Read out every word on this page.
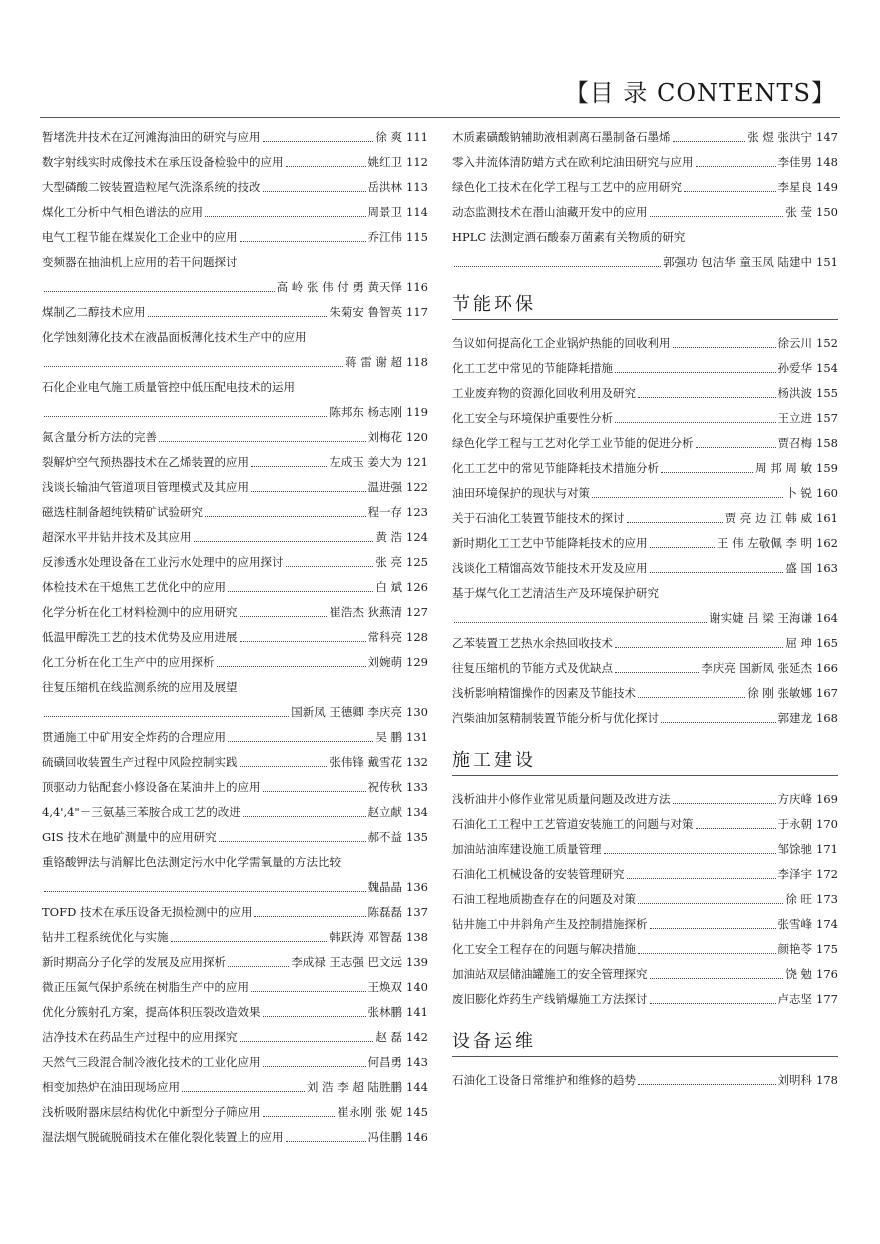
【目 录 CONTENTS】
暂堵洗井技术在辽河滩海油田的研究与应用	徐 爽 111
数字射线实时成像技术在承压设备检验中的应用	姚红卫 112
大型磷酸二铵装置造粒尾气洗涤系统的技改	岳洪林 113
煤化工分析中气相色谱法的应用	周景卫 114
电气工程节能在煤炭化工企业中的应用	乔江伟 115
变频器在抽油机上应用的若干问题探讨
高 岭 张 伟 付 勇 黄天怿 116
煤制乙二醇技术应用	朱菊安 鲁智英 117
化学蚀刻薄化技术在液晶面板薄化技术生产中的应用
蒋 雷 谢 超 118
石化企业电气施工质量管控中低压配电技术的运用
陈邦东 杨志刚 119
氮含量分析方法的完善	刘梅花 120
裂解炉空气预热器技术在乙烯装置的应用	左成玉 姜大为 121
浅谈长输油气管道项目管理模式及其应用	温进强 122
磁选柱制备超纯铁精矿试验研究	程一存 123
超深水平井钻井技术及其应用	黄 浩 124
反渗透水处理设备在工业污水处理中的应用探讨	张 亮 125
体检技术在干熄焦工艺优化中的应用	白 斌 126
化学分析在化工材料检测中的应用研究	崔浩杰 狄燕清 127
低温甲醇洗工艺的技术优势及应用进展	常科亮 128
化工分析在化工生产中的应用探析	刘婉萌 129
往复压缩机在线监测系统的应用及展望
国新凤 王德卿 李庆亮 130
贯通施工中矿用安全炸药的合理应用	吴 鹏 131
硫磺回收装置生产过程中风险控制实践	张伟锋 戴雪花 132
顶驱动力钻配套小修设备在某油井上的应用	祝传秋 133
4,4',4"－三氨基三苯胺合成工艺的改进	赵立献 134
GIS 技术在地矿测量中的应用研究	郝不益 135
重铬酸钾法与消解比色法测定污水中化学需氧量的方法比较
魏晶晶 136
TOFD 技术在承压设备无损检测中的应用	陈磊磊 137
钻井工程系统优化与实施	韩跃涛 邓智磊 138
新时期高分子化学的发展及应用探析	李成禄 王志强 巴文远 139
微正压氮气保护系统在树脂生产中的应用	王焕双 140
优化分簇射孔方案，提高体积压裂改造效果	张林鹏 141
洁净技术在药品生产过程中的应用探究	赵 磊 142
天然气三段混合制冷液化技术的工业化应用	何昌勇 143
相变加热炉在油田现场应用	刘 浩 李 超 陆胜鹏 144
浅析吸附器床层结构优化中新型分子筛应用	崔永刚 张 妮 145
湿法烟气脱硫脱硝技术在催化裂化装置上的应用	冯佳鹏 146
木质素磺酸钠辅助液相剥离石墨制备石墨烯	张 煜 张洪宁 147
零入井流体清防蜡方式在欧利坨油田研究与应用	李佳男 148
绿色化工技术在化学工程与工艺中的应用研究	李星良 149
动态监测技术在潜山油藏开发中的应用	张 莹 150
HPLC 法测定酒石酸泰万菌素有关物质的研究
郭强功 包洁华 童玉凤 陆建中 151
节能环保
刍议如何提高化工企业锅炉热能的回收利用	徐云川 152
化工工艺中常见的节能降耗措施	孙爱华 154
工业废弃物的资源化回收利用及研究	杨洪波 155
化工安全与环境保护重要性分析	王立进 157
绿色化学工程与工艺对化学工业节能的促进分析	贾召梅 158
化工工艺中的常见节能降耗技术措施分析	周 邦 周 敏 159
油田环境保护的现状与对策	卜 锐 160
关于石油化工装置节能技术的探讨	贾 亮 边 江 韩 威 161
新时期化工工艺中节能降耗技术的应用	王 伟 左敬佩 李 明 162
浅谈化工精馏高效节能技术开发及应用	盛 国 163
基于煤气化工艺清洁生产及环境保护研究
谢实婕 吕 梁 王海谦 164
乙苯装置工艺热水余热回收技术	屈 珅 165
往复压缩机的节能方式及优缺点	李庆亮 国新凤 张延杰 166
浅析影响精馏操作的因素及节能技术	徐 刚 张敏娜 167
汽柴油加氢精制装置节能分析与优化探讨	郭建龙 168
施工建设
浅析油井小修作业常见质量问题及改进方法	方庆峰 169
石油化工工程中工艺管道安装施工的问题与对策	于永朝 170
加油站油库建设施工质量管理	邹馀驰 171
石油化工机械设备的安装管理研究	李泽宇 172
石油工程地质勘查存在的问题及对策	徐 旺 173
钻井施工中井斜角产生及控制措施探析	张雪峰 174
化工安全工程存在的问题与解决措施	颜艳苓 175
加油站双层储油罐施工的安全管理探究	饶 勉 176
废旧膨化炸药生产线销爆施工方法探讨	卢志坚 177
设备运维
石油化工设备日常维护和维修的趋势	刘明科 178
